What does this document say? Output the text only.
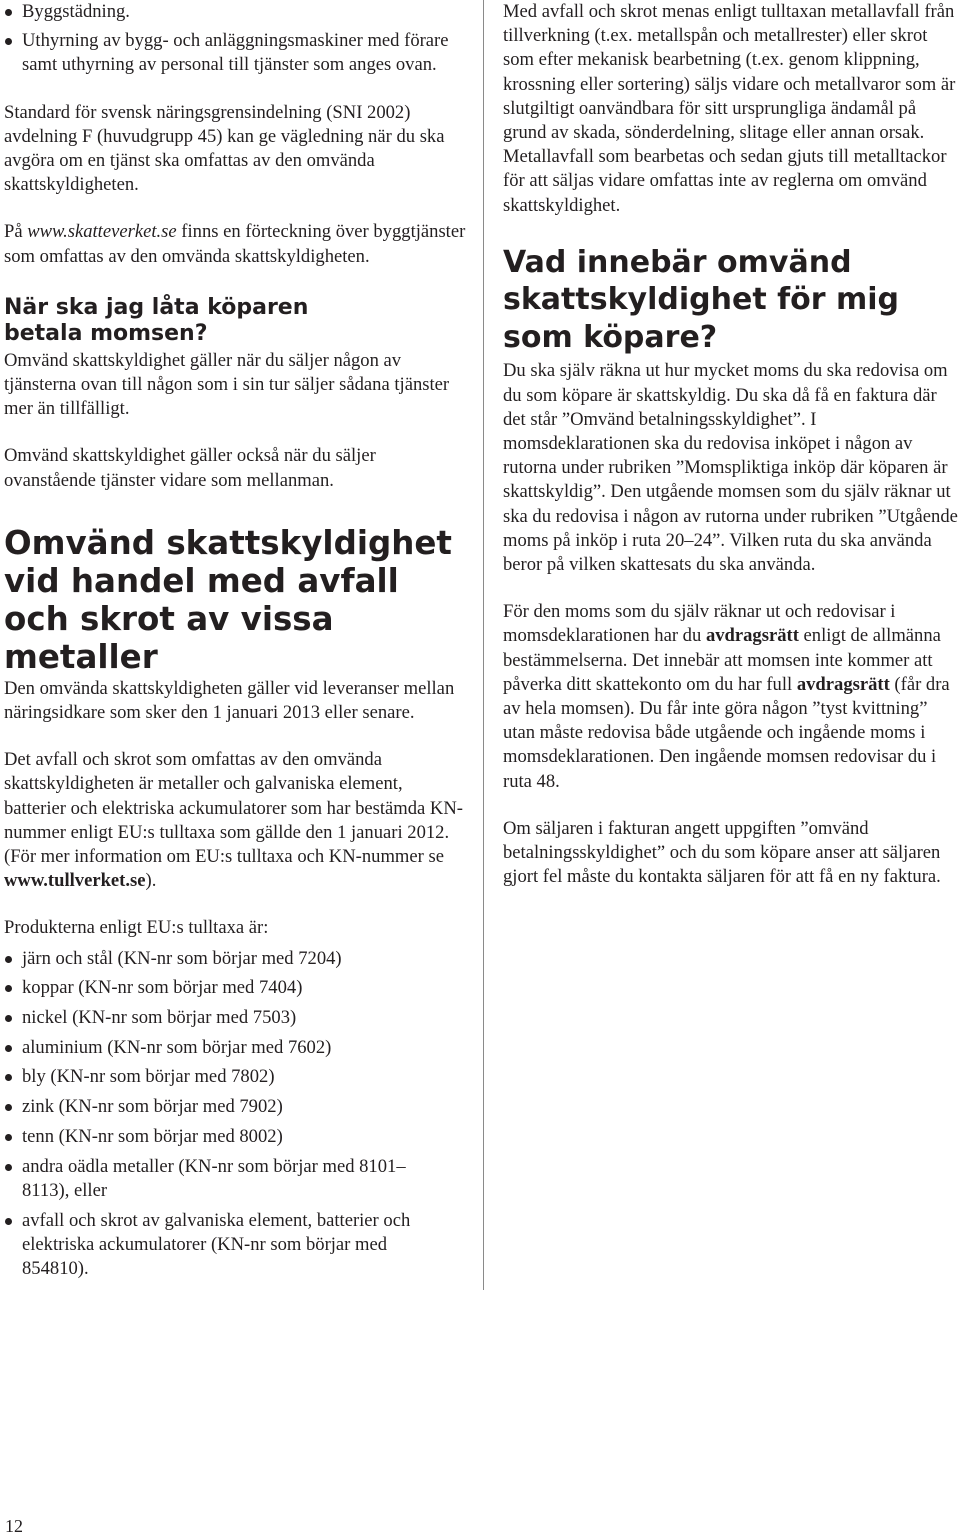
Byggstädning.
Uthyrning av bygg- och anläggningsmaskiner med förare samt uthyrning av personal till tjänster som anges ovan.

Standard för svensk näringsgrensindelning (SNI 2002) avdelning F (huvudgrupp 45) kan ge vägledning när du ska avgöra om en tjänst ska omfattas av den omvända skattskyldigheten.

På www.skatteverket.se finns en förteckning över byggtjänster som omfattas av den omvända skattskyldigheten.

När ska jag låta köparen betala momsen?

Omvänd skattskyldighet gäller när du säljer någon av tjänsterna ovan till någon som i sin tur säljer sådana tjänster mer än tillfälligt.

Omvänd skattskyldighet gäller också när du säljer ovanstående tjänster vidare som mellanman.

Omvänd skattskyldighet vid handel med avfall och skrot av vissa metaller

Den omvända skattskyldigheten gäller vid leveranser mellan näringsidkare som sker den 1 januari 2013 eller senare.

Det avfall och skrot som omfattas av den omvända skattskyldigheten är metaller och galvaniska element, batterier och elektriska ackumulatorer som har bestämda KN-nummer enligt EU:s tulltaxa som gällde den 1 januari 2012. (För mer information om EU:s tulltaxa och KN-nummer se www.tullverket.se).

Produkterna enligt EU:s tulltaxa är:

järn och stål (KN-nr som börjar med 7204)
koppar (KN-nr som börjar med 7404)
nickel (KN-nr som börjar med 7503)
aluminium (KN-nr som börjar med 7602)
bly (KN-nr som börjar med 7802)
zink (KN-nr som börjar med 7902)
tenn (KN-nr som börjar med 8002)
andra oädla metaller (KN-nr som börjar med 8101–8113), eller
avfall och skrot av galvaniska element, batterier och elektriska ackumulatorer (KN-nr som börjar med 854810).

Med avfall och skrot menas enligt tulltaxan metallavfall från tillverkning (t.ex. metallspån och metallrester) eller skrot som efter mekanisk bearbetning (t.ex. genom klippning, krossning eller sortering) säljs vidare och metallvaror som är slutgiltigt oanvändbara för sitt ursprungliga ändamål på grund av skada, sönderdelning, slitage eller annan orsak. Metallavfall som bearbetas och sedan gjuts till metalltackor för att säljas vidare omfattas inte av reglerna om omvänd skattskyldighet.

Vad innebär omvänd skattskyldighet för mig som köpare?

Du ska själv räkna ut hur mycket moms du ska redovisa om du som köpare är skattskyldig. Du ska då få en faktura där det står ”Omvänd betalningsskyldighet”. I momsdeklarationen ska du redovisa inköpet i någon av rutorna under rubriken ”Momspliktiga inköp där köparen är skattskyldig”. Den utgående momsen som du själv räknar ut ska du redovisa i någon av rutorna under rubriken ”Utgående moms på inköp i ruta 20–24”. Vilken ruta du ska använda beror på vilken skattesats du ska använda.

För den moms som du själv räknar ut och redovisar i momsdeklarationen har du avdragsrätt enligt de allmänna bestämmelserna. Det innebär att momsen inte kommer att påverka ditt skattekonto om du har full avdragsrätt (får dra av hela momsen). Du får inte göra någon ”tyst kvittning” utan måste redovisa både utgående och ingående moms i momsdeklarationen. Den ingående momsen redovisar du i ruta 48.

Om säljaren i fakturan angett uppgiften ”omvänd betalningsskyldighet” och du som köpare anser att säljaren gjort fel måste du kontakta säljaren för att få en ny faktura.

12
